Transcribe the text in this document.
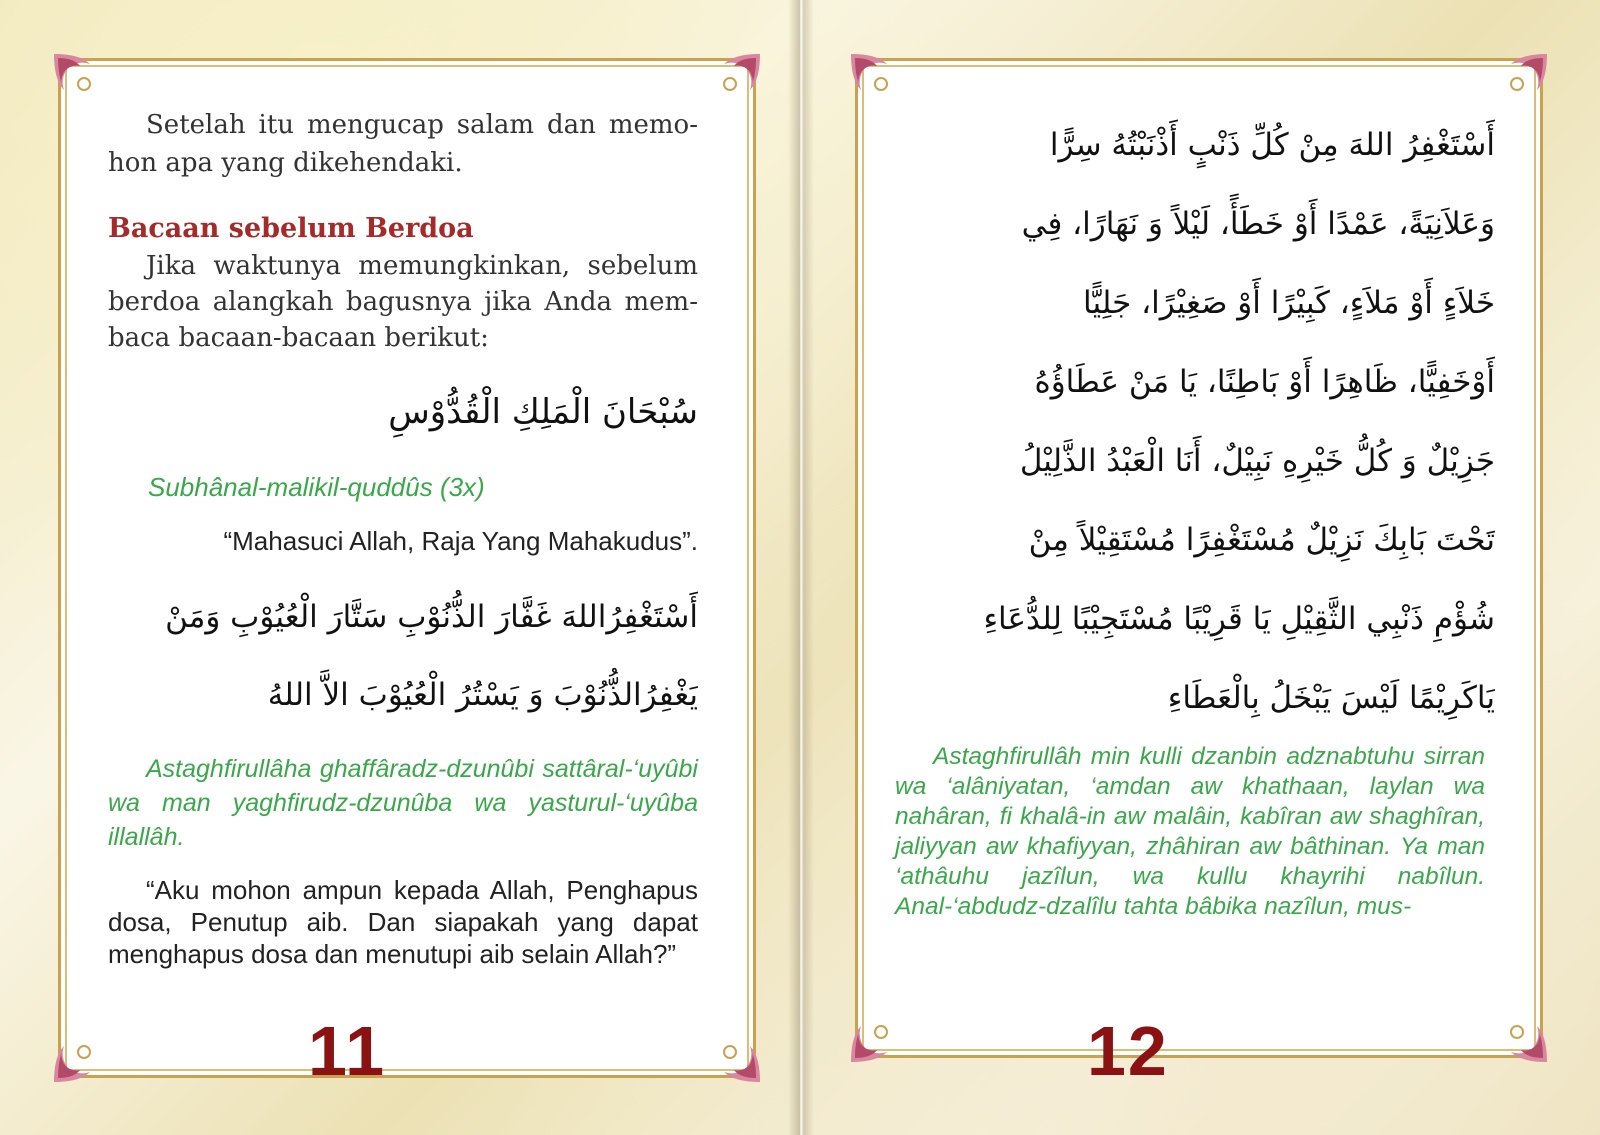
Setelah itu mengucap salam dan memohon apa yang dikehendaki.

Bacaan sebelum Berdoa

Jika waktunya memungkinkan, sebelum berdoa alangkah bagusnya jika Anda membaca bacaan-bacaan berikut:

سُبْحَانَ الْمَلِكِ الْقُدُّوْسِ

Subhânal-malikil-quddûs (3x)

“Mahasuci Allah, Raja Yang Mahakudus”.

أَسْتَغْفِرُاللهَ غَفَّارَ الذُّنُوْبِ سَتَّارَ الْعُيُوْبِ وَمَنْ

يَغْفِرُالذُّنُوْبَ وَ يَسْتُرُ الْعُيُوْبَ الاَّ اللهُ

Astaghfirullâha ghaffâradz-dzunûbi sattâral-‘uyûbi wa man yaghfirudz-dzunûba wa yasturul-‘uyûba illallâh.

“Aku mohon ampun kepada Allah, Penghapus dosa, Penutup aib. Dan siapakah yang dapat menghapus dosa dan menutupi aib selain Allah?”

11

أَسْتَغْفِرُ اللهَ مِنْ كُلِّ ذَنْبٍ أَذْنَبْتُهُ سِرًّا

وَعَلاَنِيَةً، عَمْدًا أَوْ خَطَأً، لَيْلاً وَ نَهَارًا، فِي

خَلاَءٍ أَوْ مَلاَءٍ، كَبِيْرًا أَوْ صَغِيْرًا، جَلِيًّا

أَوْخَفِيًّا، ظَاهِرًا أَوْ بَاطِنًا، يَا مَنْ عَطَاؤُهُ

جَزِيْلٌ وَ كُلُّ خَيْرِهِ نَبِيْلٌ، أَنَا الْعَبْدُ الذَّلِيْلُ

تَحْتَ بَابِكَ نَزِيْلٌ مُسْتَغْفِرًا مُسْتَقِيْلاً مِنْ

شُؤْمِ ذَنْبِي الثَّقِيْلِ يَا قَرِيْبًا مُسْتَجِيْبًا لِلدُّعَاءِ

يَاكَرِيْمًا لَيْسَ يَبْخَلُ بِالْعَطَاءِ

Astaghfirullâh min kulli dzanbin adznabtuhu sirran wa ‘alâniyatan, ‘amdan aw khathaan, laylan wa nahâran, fi khalâ-in aw malâin, kabîran aw shaghîran, jaliyyan aw khafiyyan, zhâhiran aw bâthinan. Ya man ‘athâuhu jazîlun, wa kullu khayrihi nabîlun. Anal-‘abdudz-dzalîlu tahta bâbika nazîlun, mus-

12
